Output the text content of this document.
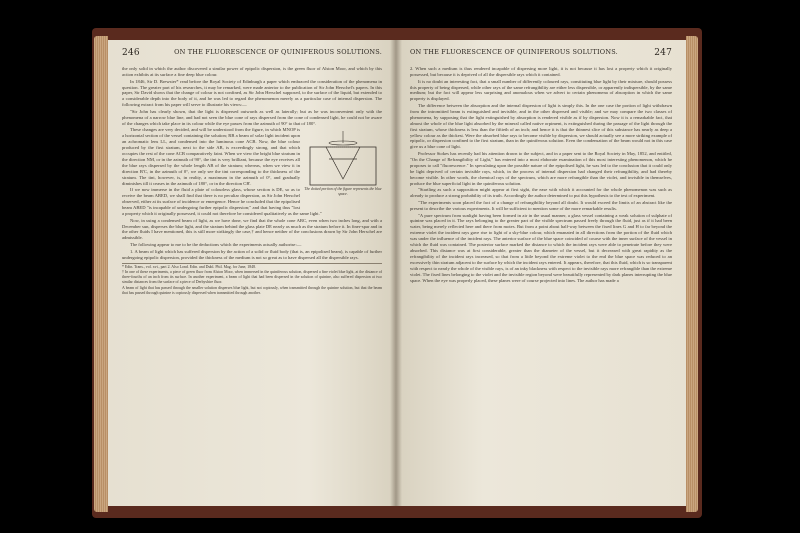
246	ON THE FLUORESCENCE OF QUINIFEROUS SOLUTIONS.

the only solid in which the author discovered a similar power of epipolic dispersion, is the green fluor of Alston Moor, and which by this action exhibits at its surface a fine deep blue colour.

In 1846, Sir D. Brewster* read before the Royal Society of Edinburgh a paper which embraced the consideration of the phenomena in question. The greater part of his researches, it may be remarked, were made anterior to the publication of Sir John Herschel's papers. In this paper, Sir David shows that the change of colour is not confined, as Sir John Herschel supposed, to the surface of the liquid, but extended to a considerable depth into the body of it, and he was led to regard the phenomenon merely as a particular case of internal dispersion. The following extract from his paper will serve to illustrate his views:—

"Sir John has clearly shown, that the light is dispersed outwards as well as laterally; but as he was inconvenient only with the phenomena of a narrow blue line, and had not seen the blue cone of rays dispersed from the cone of condensed light, he could not be aware of the changes which take place in its colour while the eye passes from the azimuth of 90° to that of 180°.

The dotted portion of the figure represents the blue space.

These changes are very decided, and will be understood from the figure, in which MNOP is a horizontal section of the vessel containing the solution; RB a beam of solar light incident upon an achromatic lens LL, and condensed into the luminous cone ACB. Now, the blue colour produced by the first stratum, next to the side AB, is exceedingly strong, and that which occupies the rest of the cone ACB comparatively faint. When we view the bright blue stratum in the direction NM, or in the azimuth of 90°, the tint is very brilliant, because the eye receives all the blue rays dispersed by the whole length AB of the stratum; whereas, when we view it in direction B'C, in the azimuth of 0°, we only see the tint corresponding to the thickness of the stratum. The tint, however, is, in reality, a maximum in the azimuth of 0°, and gradually diminishes till it ceases in the azimuth of 180°, or in the direction CB'.

If we now immerse in the fluid a plate of colourless glass, whose section is DE, so as to receive the beam ABED, we shall find that there is no peculiar dispersion, as Sir John Herschel observed, either at its surface of incidence or emergence. Hence he concluded that the epipolised beam ABED "is incapable of undergoing further epipolic dispersion;" and that having thus "lost a property which it originally possessed, it could not therefore be considered qualitatively as the same light."

Now, in using a condensed beam of light, as we have done, we find that the whole cone ABC, even when two inches long, and with a December sun, disperses the blue light, and the stratum behind the glass plate DE nearly as much as the stratum before it. In finer-spar and in the other fluids I have mentioned, this is still more strikingly the case,† and hence neither of the conclusions drawn by Sir John Herschel are admissible.

The following appear to me to be the deductions which the experiments actually authorise:—

1. A beam of light which has suffered dispersion by the action of a solid or fluid body (that is, an epipolised beam), is capable of further undergoing epipolic dispersion, provided the thickness of the medium is not so great as to have dispersed all the dispersible rays.

* Edin. Trans., vol. xvi., part 2. Also Lond. Edin. and Dubl. Phil. Mag. for June, 1848.

† In one of these experiments, a piece of green fluor from Alston Moor, when immersed in the quiniferous solution, dispersed a fine violet blue light, at the distance of three-fourths of an inch from its surface. In another experiment, a beam of light that had been dispersed in the solution of quinine, also suffered dispersion at two similar distances from the surface of a piece of Derbyshire fluor.

A beam of light that has passed through the smaller solution disperses blue light, but not copiously, when transmitted through the quinine solution, but that the beam that has passed through quinine is copiously dispersed when transmitted through another.

ON THE FLUORESCENCE OF QUINIFEROUS SOLUTIONS.	247

2. When such a medium is thus rendered incapable of dispersing more light, it is not because it has lost a property which it originally possessed, but because it is deprived of all the dispersible rays which it contained.

It is no doubt an interesting fact, that a small number of differently coloured rays, constituting blue light by their mixture, should possess this property of being dispersed, while other rays of the same refrangibility are either less dispersible, or apparently indispersible, by the same medium; but the fact will appear less surprising and anomalous when we advert to certain phenomena of absorption in which the same property is displayed.

The difference between the absorption and the internal dispersion of light is simply this. In the one case the portion of light withdrawn from the intromitted beam is extinguished and invisible, and in the other dispersed and visible; and we may compare the two classes of phenomena, by supposing that the light extinguished by absorption is rendered visible as if by dispersion. Now it is a remarkable fact, that almost the whole of the blue light absorbed by the mineral called native orpiment, is extinguished during the passage of the light through the first stratum, whose thickness is less than the fiftieth of an inch; and hence it is that the thinnest slice of this substance has nearly as deep a yellow colour as the thickest. Were the absorbed blue rays to become visible by dispersion, we should actually see a more striking example of epipolic, or dispersion confined to the first stratum, than in the quiniferous solution. Even the condensation of the beam would not in this case give us a blue cone of light.

Professor Stokes has recently had his attention drawn to the subject, and in a paper sent to the Royal Society in May, 1852, and entitled, "On the Change of Refrangibility of Light," has entered into a most elaborate examination of this most interesting phenomenon, which he proposes to call "fluorescence." In speculating upon the possible nature of the epipolised light, he was led to the conclusion that it could only be light deprived of certain invisible rays, which, in the process of internal dispersion had changed their refrangibility, and had thereby become visible. In other words, the chemical rays of the spectrum, which are more refrangible than the violet, and invisible in themselves, produce the blue superficial light in the quiniferous solution.

"Startling as such a supposition might appear at first sight, the ease with which it accounted for the whole phenomenon was such as already to produce a strong probability of its truth. Accordingly the author determined to put this hypothesis to the test of experiment.

"The experiments soon placed the fact of a change of refrangibility beyond all doubt. It would exceed the limits of an abstract like the present to describe the various experiments. It will be sufficient to mention some of the more remarkable results.

"A pure spectrum from sunlight having been formed in air in the usual manner, a glass vessel containing a weak solution of sulphate of quinine was placed in it. The rays belonging to the greater part of the visible spectrum passed freely through the fluid, just as if it had been water, being merely reflected here and there from motes. But from a point about half-way between the fixed lines G and H to far beyond the extreme violet the incident rays gave rise to light of a sky-blue colour, which emanated in all directions from the portion of the fluid which was under the influence of the incident rays. The anterior surface of the blue space coincided of course with the inner surface of the vessel in which the fluid was contained. The posterior surface marked the distance to which the incident rays were able to penetrate before they were absorbed. This distance was at first considerable, greater than the diameter of the vessel, but it decreased with great rapidity as the refrangibility of the incident rays increased, so that from a little beyond the extreme violet to the end the blue space was reduced to an excessively thin stratum adjacent to the surface by which the incident rays entered. It appears, therefore, that this fluid, which is so transparent with respect to nearly the whole of the visible rays, is of an inky blackness with respect to the invisible rays more refrangible than the extreme violet. The fixed lines belonging to the violet and the invisible region beyond were beautifully represented by dark planes interrupting the blue space. When the eye was properly placed, these planes were of course projected into lines. The author has made a
